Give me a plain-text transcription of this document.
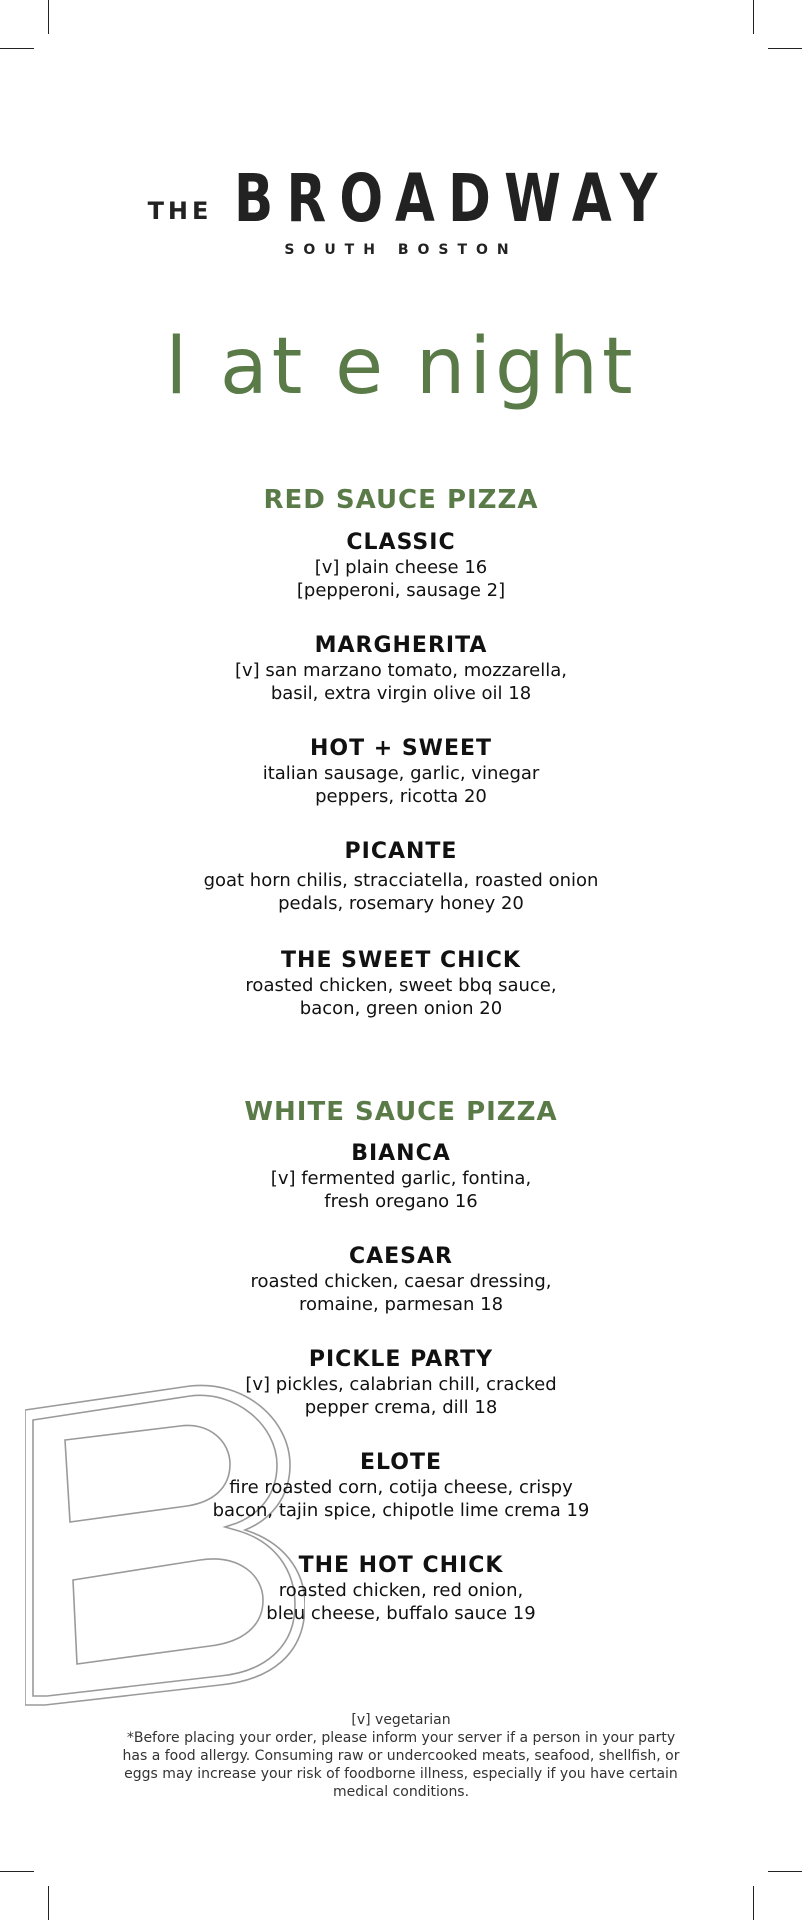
THE BROADWAY
SOUTH BOSTON
l at e night
RED SAUCE PIZZA
CLASSIC
[v] plain cheese 16
[pepperoni, sausage 2]
MARGHERITA
[v] san marzano tomato, mozzarella,
basil, extra virgin olive oil 18
HOT + SWEET
italian sausage, garlic, vinegar
peppers, ricotta 20
PICANTE
goat horn chilis, stracciatella, roasted onion
pedals, rosemary honey 20
THE SWEET CHICK
roasted chicken, sweet bbq sauce,
bacon, green onion 20
WHITE SAUCE PIZZA
BIANCA
[v] fermented garlic, fontina,
fresh oregano 16
CAESAR
roasted chicken, caesar dressing,
romaine, parmesan 18
PICKLE PARTY
[v] pickles, calabrian chill, cracked
pepper crema, dill 18
ELOTE
fire roasted corn, cotija cheese, crispy
bacon, tajin spice, chipotle lime crema 19
THE HOT CHICK
roasted chicken, red onion,
bleu cheese, buffalo sauce 19
[v] vegetarian
*Before placing your order, please inform your server if a person in your party has a food allergy. Consuming raw or undercooked meats, seafood, shellfish, or eggs may increase your risk of foodborne illness, especially if you have certain medical conditions.
